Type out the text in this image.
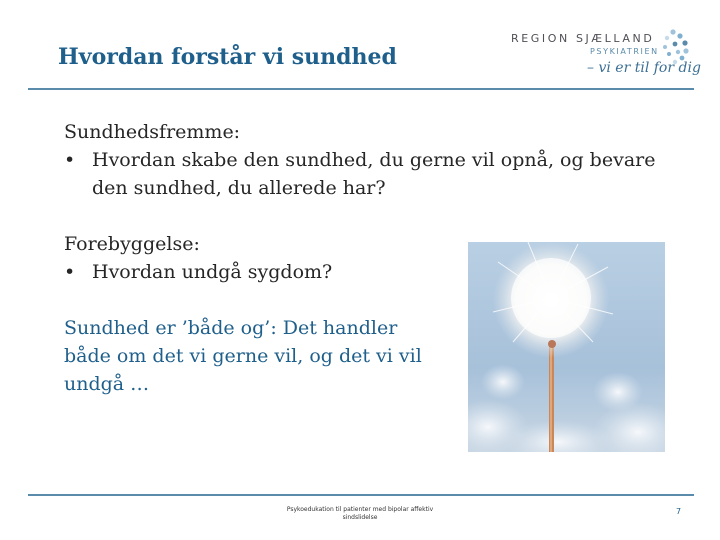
Hvordan forstår vi sundhed
REGION SJÆLLAND
PSYKIATRIEN
– vi er til for dig
Sundhedsfremme:
• Hvordan skabe den sundhed, du gerne vil opnå, og bevare den sundhed, du allerede har?
Forebyggelse:
• Hvordan undgå sygdom?
Sundhed er ’både og’: Det handler både om det vi gerne vil, og det vi vil undgå …
Psykoedukation til patienter med bipolar affektiv sindslidelse
7
